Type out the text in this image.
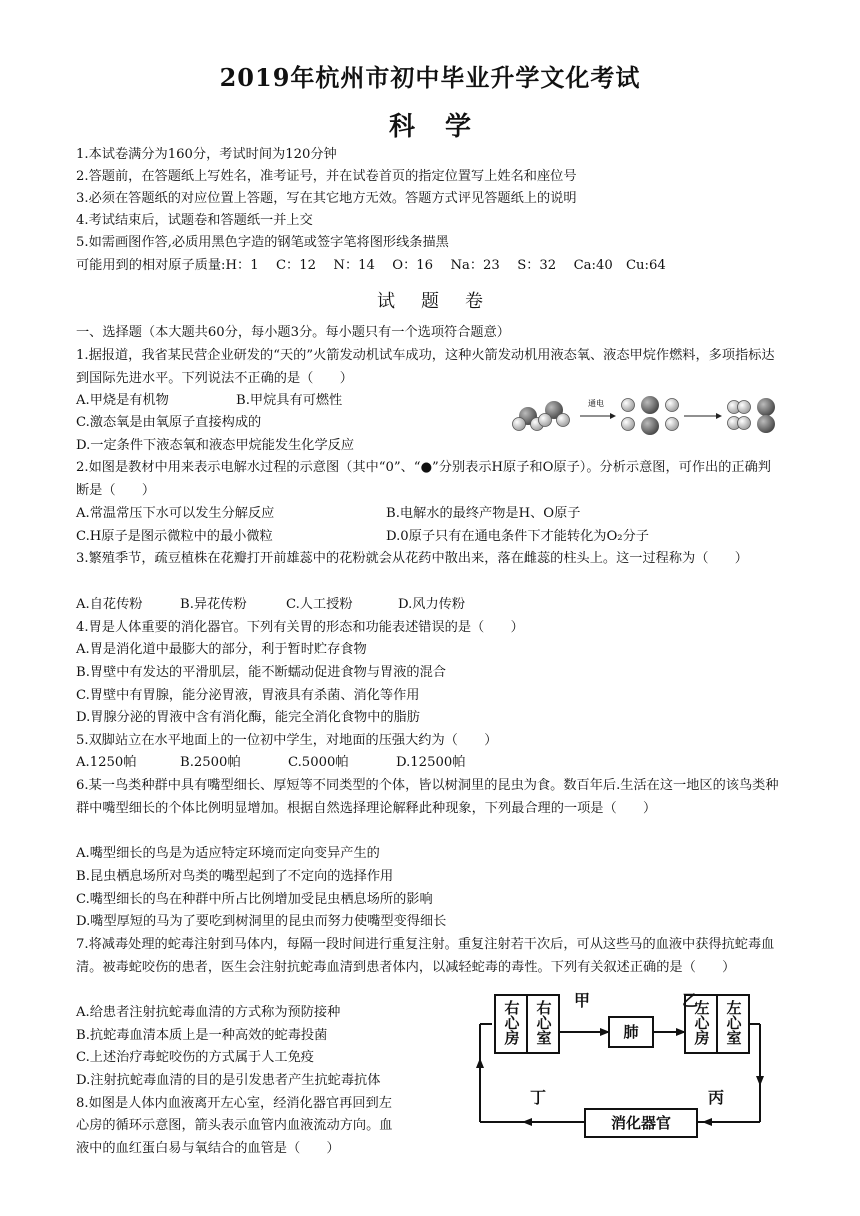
2019年杭州市初中毕业升学文化考试
科学
1.本试卷满分为160分，考试时间为120分钟
2.答题前，在答题纸上写姓名，准考证号，并在试卷首页的指定位置写上姓名和座位号
3.必须在答题纸的对应位置上答题，写在其它地方无效。答题方式评见答题纸上的说明
4.考试结束后，试题卷和答题纸一并上交
5.如需画图作答,必质用黑色字造的钢笔或签字笔将图形线条描黑
可能用到的相对原子质量:H：1　 C：12　 N：14　 O：16　 Na：23　 S：32　 Ca:40　Cu:64
试题卷
一、选择题（本大题共60分，每小题3分。每小题只有一个选项符合题意）
1.据报道，我省某民营企业研发的“天的”火箭发动机试车成功，这种火箭发动机用液态氧、液态甲烷作燃料，多项指标达到国际先进水平。下列说法不正确的是（　　）
A.甲烧是有机物	B.甲烷具有可燃性
C.激态氧是由氧原子直接构成的
D.一定条件下液态氧和液态甲烷能发生化学反应
通电
2.如图是教材中用来表示电解水过程的示意图（其中“0”、“●”分别表示H原子和O原子）。分析示意图，可作出的正确判断是（　　）
A.常温常压下水可以发生分解反应	B.电解水的最终产物是H、O原子
C.H原子是图示微粒中的最小微粒	D.0原子只有在通电条件下才能转化为O₂分子
3.繁殖季节，疏豆植株在花瓣打开前雄蕊中的花粉就会从花药中散出来，落在雌蕊的柱头上。这一过程称为（　　）
A.自花传粉	B.异花传粉	C.人工授粉	D.风力传粉
4.胃是人体重要的消化器官。下列有关胃的形态和功能表述错误的是（　　）
A.胃是消化道中最膨大的部分，利于暂时贮存食物
B.胃壁中有发达的平滑肌层，能不断蠕动促进食物与胃液的混合
C.胃壁中有胃腺，能分泌胃液，胃液具有杀菌、消化等作用
D.胃腺分泌的胃液中含有消化酶，能完全消化食物中的脂肪
5.双脚站立在水平地面上的一位初中学生，对地面的压强大约为（　　）
A.1250帕	B.2500帕	C.5000帕	D.12500帕
6.某一鸟类种群中具有嘴型细长、厚短等不同类型的个体，皆以树洞里的昆虫为食。数百年后.生活在这一地区的该鸟类种群中嘴型细长的个体比例明显增加。根据自然选择理论解释此种现象，下列最合理的一项是（　　）
A.嘴型细长的鸟是为适应特定环境而定向变异产生的
B.昆虫栖息场所对鸟类的嘴型起到了不定向的选择作用
C.嘴型细长的鸟在种群中所占比例增加受昆虫栖息场所的影响
D.嘴型厚短的马为了要吃到树洞里的昆虫而努力使嘴型变得细长
7.将减毒处理的蛇毒注射到马体内，每隔一段时间进行重复注射。重复注射若干次后，可从这些马的血液中获得抗蛇毒血清。被毒蛇咬伤的患者，医生会注射抗蛇毒血清到患者体内，以减轻蛇毒的毒性。下列有关叙述正确的是（　　）
A.给患者注射抗蛇毒血清的方式称为预防接种
B.抗蛇毒血清本质上是一种高效的蛇毒投菌
C.上述治疗毒蛇咬伤的方式属于人工免疫
D.注射抗蛇毒血清的目的是引发患者产生抗蛇毒抗体
8.如图是人体内血液离开左心室，经消化器官再回到左
心房的循环示意图，箭头表示血管内血液流动方向。血
液中的血红蛋白易与氧结合的血管是（　　）
右心房 右心室	肺	左心房 左心室
消化器官
甲	乙
丁	丙
